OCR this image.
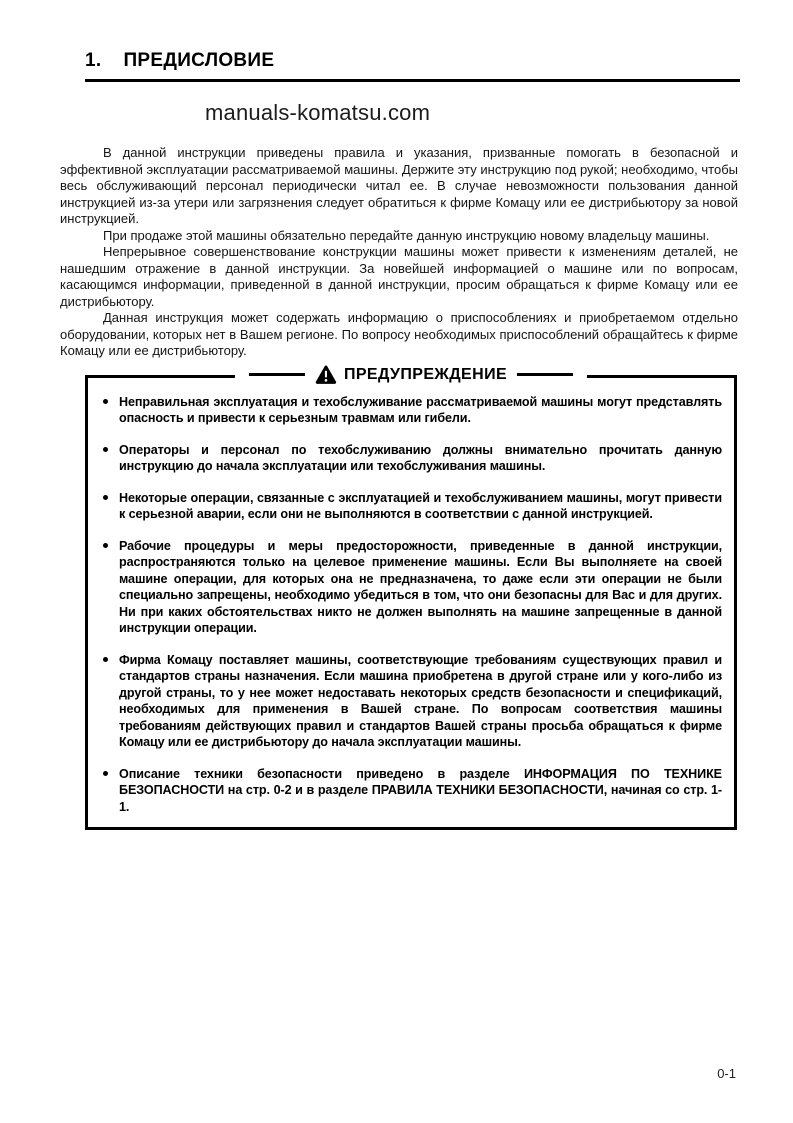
1. ПРЕДИСЛОВИЕ
manuals-komatsu.com

В данной инструкции приведены правила и указания, призванные помогать в безопасной и эффективной эксплуатации рассматриваемой машины. Держите эту инструкцию под рукой; необходимо, чтобы весь обслуживающий персонал периодически читал ее. В случае невозможности пользования данной инструкцией из-за утери или загрязнения следует обратиться к фирме Комацу или ее дистрибьютору за новой инструкцией.

При продаже этой машины обязательно передайте данную инструкцию новому владельцу машины.

Непрерывное совершенствование конструкции машины может привести к изменениям деталей, не нашедшим отражение в данной инструкции. За новейшей информацией о машине или по вопросам, касающимся информации, приведенной в данной инструкции, просим обращаться к фирме Комацу или ее дистрибьютору.

Данная инструкция может содержать информацию о приспособлениях и приобретаемом отдельно оборудовании, которых нет в Вашем регионе. По вопросу необходимых приспособлений обращайтесь к фирме Комацу или ее дистрибьютору.

ПРЕДУПРЕЖДЕНИЕ
Неправильная эксплуатация и техобслуживание рассматриваемой машины могут представлять опасность и привести к серьезным травмам или гибели.
Операторы и персонал по техобслуживанию должны внимательно прочитать данную инструкцию до начала эксплуатации или техобслуживания машины.
Некоторые операции, связанные с эксплуатацией и техобслуживанием машины, могут привести к серьезной аварии, если они не выполняются в соответствии с данной инструкцией.
Рабочие процедуры и меры предосторожности, приведенные в данной инструкции, распространяются только на целевое применение машины. Если Вы выполняете на своей машине операции, для которых она не предназначена, то даже если эти операции не были специально запрещены, необходимо убедиться в том, что они безопасны для Вас и для других. Ни при каких обстоятельствах никто не должен выполнять на машине запрещенные в данной инструкции операции.
Фирма Комацу поставляет машины, соответствующие требованиям существующих правил и стандартов страны назначения. Если машина приобретена в другой стране или у кого-либо из другой страны, то у нее может недоставать некоторых средств безопасности и спецификаций, необходимых для применения в Вашей стране. По вопросам соответствия машины требованиям действующих правил и стандартов Вашей страны просьба обращаться к фирме Комацу или ее дистрибьютору до начала эксплуатации машины.
Описание техники безопасности приведено в разделе ИНФОРМАЦИЯ ПО ТЕХНИКЕ БЕЗОПАСНОСТИ на стр. 0-2 и в разделе ПРАВИЛА ТЕХНИКИ БЕЗОПАСНОСТИ, начиная со стр. 1-1.
0-1
